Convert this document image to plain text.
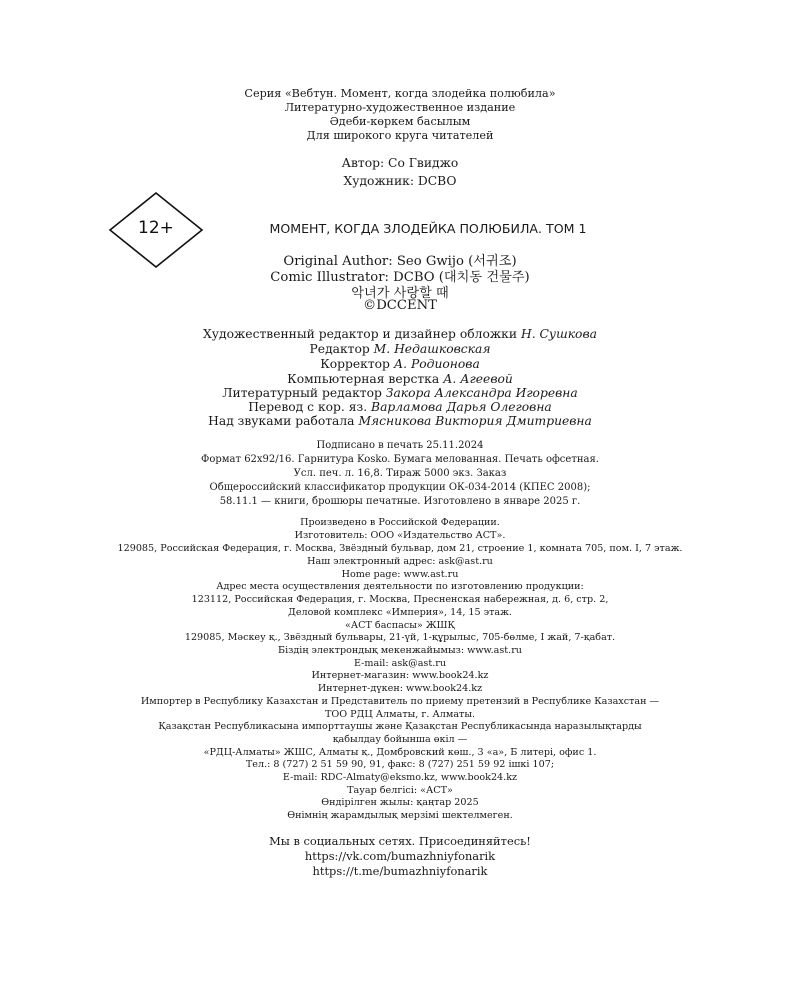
Серия «Вебтун. Момент, когда злодейка полюбила»
Литературно-художественное издание
Әдеби-көркем басылым
Для широкого круга читателей
Автор: Со Гвиджо
Художник: DCBO
12+	МОМЕНТ, КОГДА ЗЛОДЕЙКА ПОЛЮБИЛА. ТОМ 1
Original Author: Seo Gwijo (서귀조)
Comic Illustrator: DCBO (대치동 건물주)
악녀가 사랑할 때
©DCCENT
Художественный редактор и дизайнер обложки Н. Сушкова
Редактор М. Недашковская
Корректор А. Родионова
Компьютерная верстка А. Агеевой
Литературный редактор Закора Александра Игоревна
Перевод с кор. яз. Варламова Дарья Олеговна
Над звуками работала Мясникова Виктория Дмитриевна
Подписано в печать 25.11.2024
Формат 62x92/16. Гарнитура Kosko. Бумага мелованная. Печать офсетная.
Усл. печ. л. 16,8. Тираж 5000 экз. Заказ
Общероссийский классификатор продукции ОК-034-2014 (КПЕС 2008);
58.11.1 — книги, брошюры печатные. Изготовлено в январе 2025 г.
Произведено в Российской Федерации.
Изготовитель: ООО «Издательство АСТ».
129085, Российская Федерация, г. Москва, Звёздный бульвар, дом 21, строение 1, комната 705, пом. I, 7 этаж.
Наш электронный адрес: ask@ast.ru
Home page: www.ast.ru
Адрес места осуществления деятельности по изготовлению продукции:
123112, Российская Федерация, г. Москва, Пресненская набережная, д. 6, стр. 2,
Деловой комплекс «Империя», 14, 15 этаж.
«АСТ баспасы» ЖШҚ
129085, Мәскеу қ., Звёздный бульвары, 21-үй, 1-құрылыс, 705-бөлме, I жай, 7-қабат.
Біздің электрондық мекенжайымыз: www.ast.ru
E-mail: ask@ast.ru
Интернет-магазин: www.book24.kz
Интернет-дүкен: www.book24.kz
Импортер в Республику Казахстан и Представитель по приему претензий в Республике Казахстан —
ТОО РДЦ Алматы, г. Алматы.
Қазақстан Республикасына импорттаушы және Қазақстан Республикасында наразылықтарды
қабылдау бойынша өкіл —
«РДЦ-Алматы» ЖШС, Алматы қ., Домбровский көш., 3 «а», Б литері, офис 1.
Тел.: 8 (727) 2 51 59 90, 91, факс: 8 (727) 251 59 92 ішкі 107;
E-mail: RDC-Almaty@eksmo.kz, www.book24.kz
Тауар белгісі: «АСТ»
Өндірілген жылы: қаңтар 2025
Өнімнің жарамдылық мерзімі шектелмеген.
Мы в социальных сетях. Присоединяйтесь!
https://vk.com/bumazhniyfonarik
https://t.me/bumazhniyfonarik
